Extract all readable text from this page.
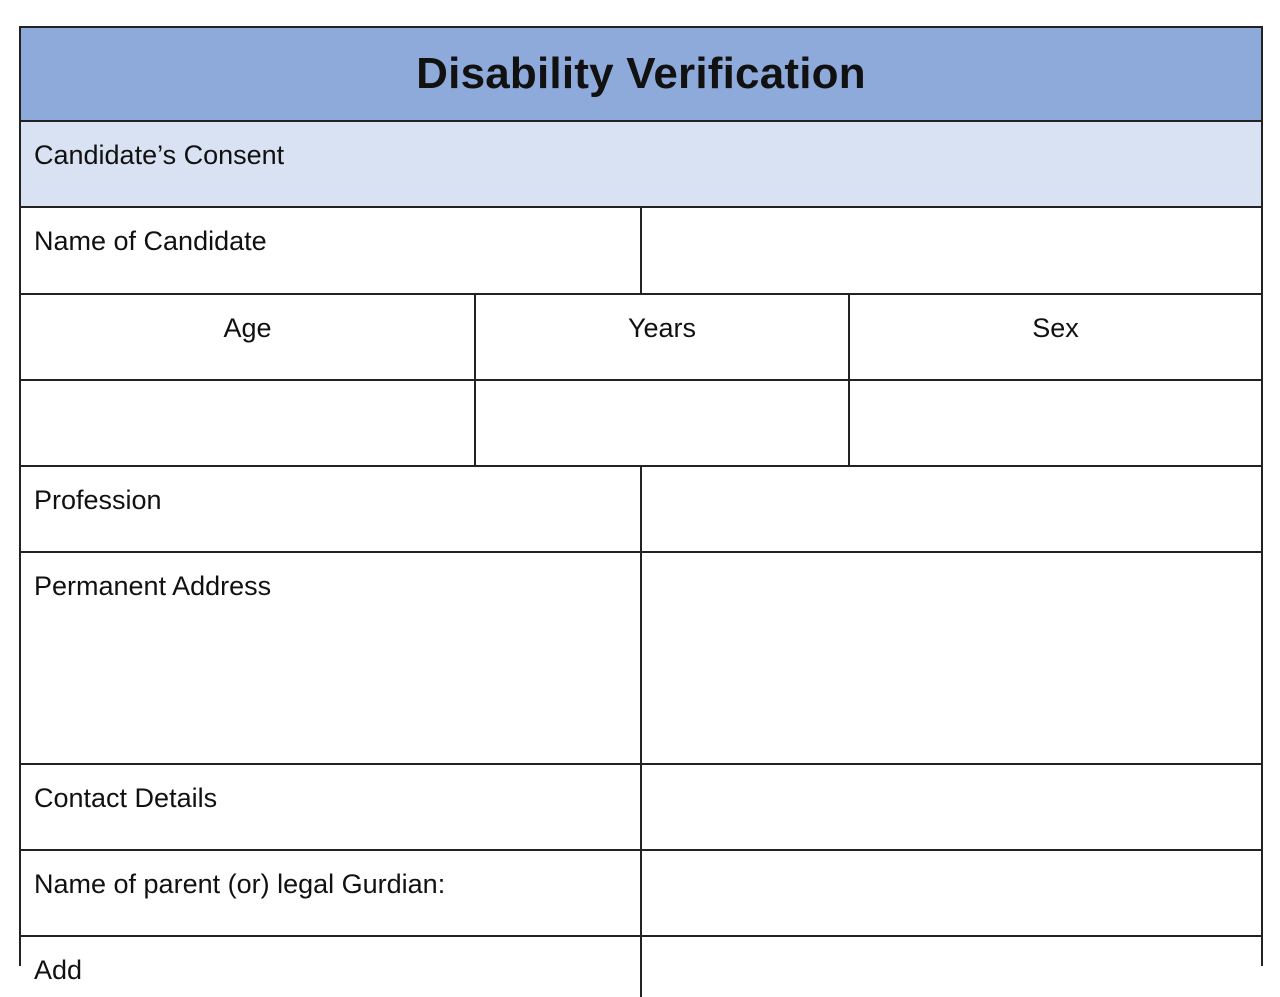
Disability Verification
Candidate’s Consent
Name of Candidate
Age	Years	Sex
Profession
Permanent Address
Contact Details
Name of parent (or) legal Gurdian:
Add
